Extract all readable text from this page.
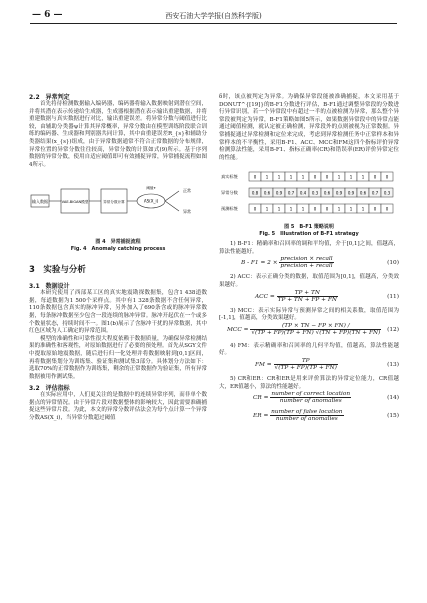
— 6 —	西安石油大学学报(自然科学版)

2.2　异常判定

首先将待检测数据输入编码器，编码器将输入数据映射到潜在空间，并将其潜在表示传递给生成器，生成器根据潜在表示输出重建数据，并将重建数据与真实数据进行对比，输出重建误差。将异常分数与阈值进行比较，由辅助分类器ψ计算其异常概率，异常分数由在模型训练阶段联合训练的编码器、生成器和判别器共同计算，其中由重建误差R_{s}和辅助分类器结果(x_{s})组成，由于异常数据通常不符合正常数据的分布规律，异常位置的异常分数往往较高，异常分数的计算如式(9)所示。基于序列数据的异常分数，使用自适应阈值即可有效捕捉异常，异常捕捉流程如图4所示。

输入数据	VAE-BiGAN模型	异常分数计算	AS(X_i)
阈值τ	正常
异常

图 4　异常捕捉流程

Fig. 4　Anomaly catching process

3　实验与分析

3.1　数据设计

本研究使用了西部某工区的真实地震勘探数据集，包含1 438道数据，每道数据为1 500个采样点。其中有1 328条数据不含任何异常，110条数据包含真实的脉冲异常，另外加入了690条含或的脉冲异常数据，每条脉冲数据至少包含一段连续的脉冲异常。脉冲开起伏在一个或多个数量状态，持续时间不一。图1(b)展示了含脉冲干扰的异常数据，其中红色区域为人工确定的异常范围。

模型的准确性和可靠性很大程度依赖于数据质量，为确保异常检测结果的准确性和客观性，对原始数据进行了必要的预处理。首先从SGY文件中提取原始地震数据，随后进行归一化处理并将数据映射到[0,1]区间，再将数据集划分为训练集、验证集和测试集3部分。具体划分方法如下：选取70%的正常数据作为训练集，剩余的正常数据作为验证集，所有异常数据被用作测试集。

3.2　评估指标

在实际应用中，人们更关注的是数据中的连续异常序列，而非单个数据点的异常情况。由于异常片段对数据整体的影响较大，因此需要准确捕捉这些异常片段。为此，本文的异常分数评估法会为每个点计算一个异常分数AS(X_i)，当异常分数超过阈值

δ时，该点被判定为异常。为确保异常段能被准确捕捉，本文采用基于DONUT^{[19]}的B-F1分数进行评估，B-F1通过调整异常段的分数进行异常识别，若一个异常段中有超过一半的点被检测为异常，那么整个异常段被判定为异常，B-F1策略如图5所示，如果数据异常段中的异常点能通过阈值检测，就认定被正确检测，异常段外的点则被视为正常数据。异常捕捉通过异常检测和定位来完成，考虑到异常检测任务中正常样本和异常样本的不平衡性，采用B-F1、ACC、MCC和FM这四个指标评价异常检测算法性能，采用B-F1、指标正确率(CR)和错误率(ER)评价异常定位的性能。

真实标签	0 1 1 1 1 0 0 1 1 1 0 0
异常分数	0.8 0.6 0.9 0.7 0.4 0.3 0.6 0.9 0.9 0.6 0.7 0.3
预测标签	0 1 1 1 1 0 0 1 1 1 0 0

图 5　B-F1 策略说明

Fig. 5　Illustration of B-F1 strategy

1) B-F1：精确率和召回率的调和平均值，介于[0,1]之间，值越高，算法性能越好。

$B - F1 = 2 \times \frac{\text{precision × recall}}{\text{precision + recall}}$	(10)

2) ACC：表示正确分类的数据，取值范围为[0,1]，值越高，分类效果越好。

ACC = $\frac{TP + TN}{TP + TN + FP + FN}$	(11)

3) MCC：表示实际异常与预测异常之间的相关系数，取值范围为[-1,1]，值越高，分类效果越好。

MCC = $\frac{(TP \times TN - FP \times FN) /}{√(TP + FP)(TP + FN) √(TN + FP)(TN + FN)} (12)$

4) FM：表示精确率和召回率的几何平均值，值越高，算法性能越好。

FM = $\frac{TP}{√(TP + FP)(TP + FN)}$	(13)

5) CR和ER：CR和ER是用来评价算法的异常定位能力，CR值越大，ER值越小，算法的性能越好。

CR = $\frac{\text{number of correct location}}{\text{number of anomalies}}$	(14)
ER = $\frac{\text{number of false location}}{\text{number of anomalies}}$	(15)
